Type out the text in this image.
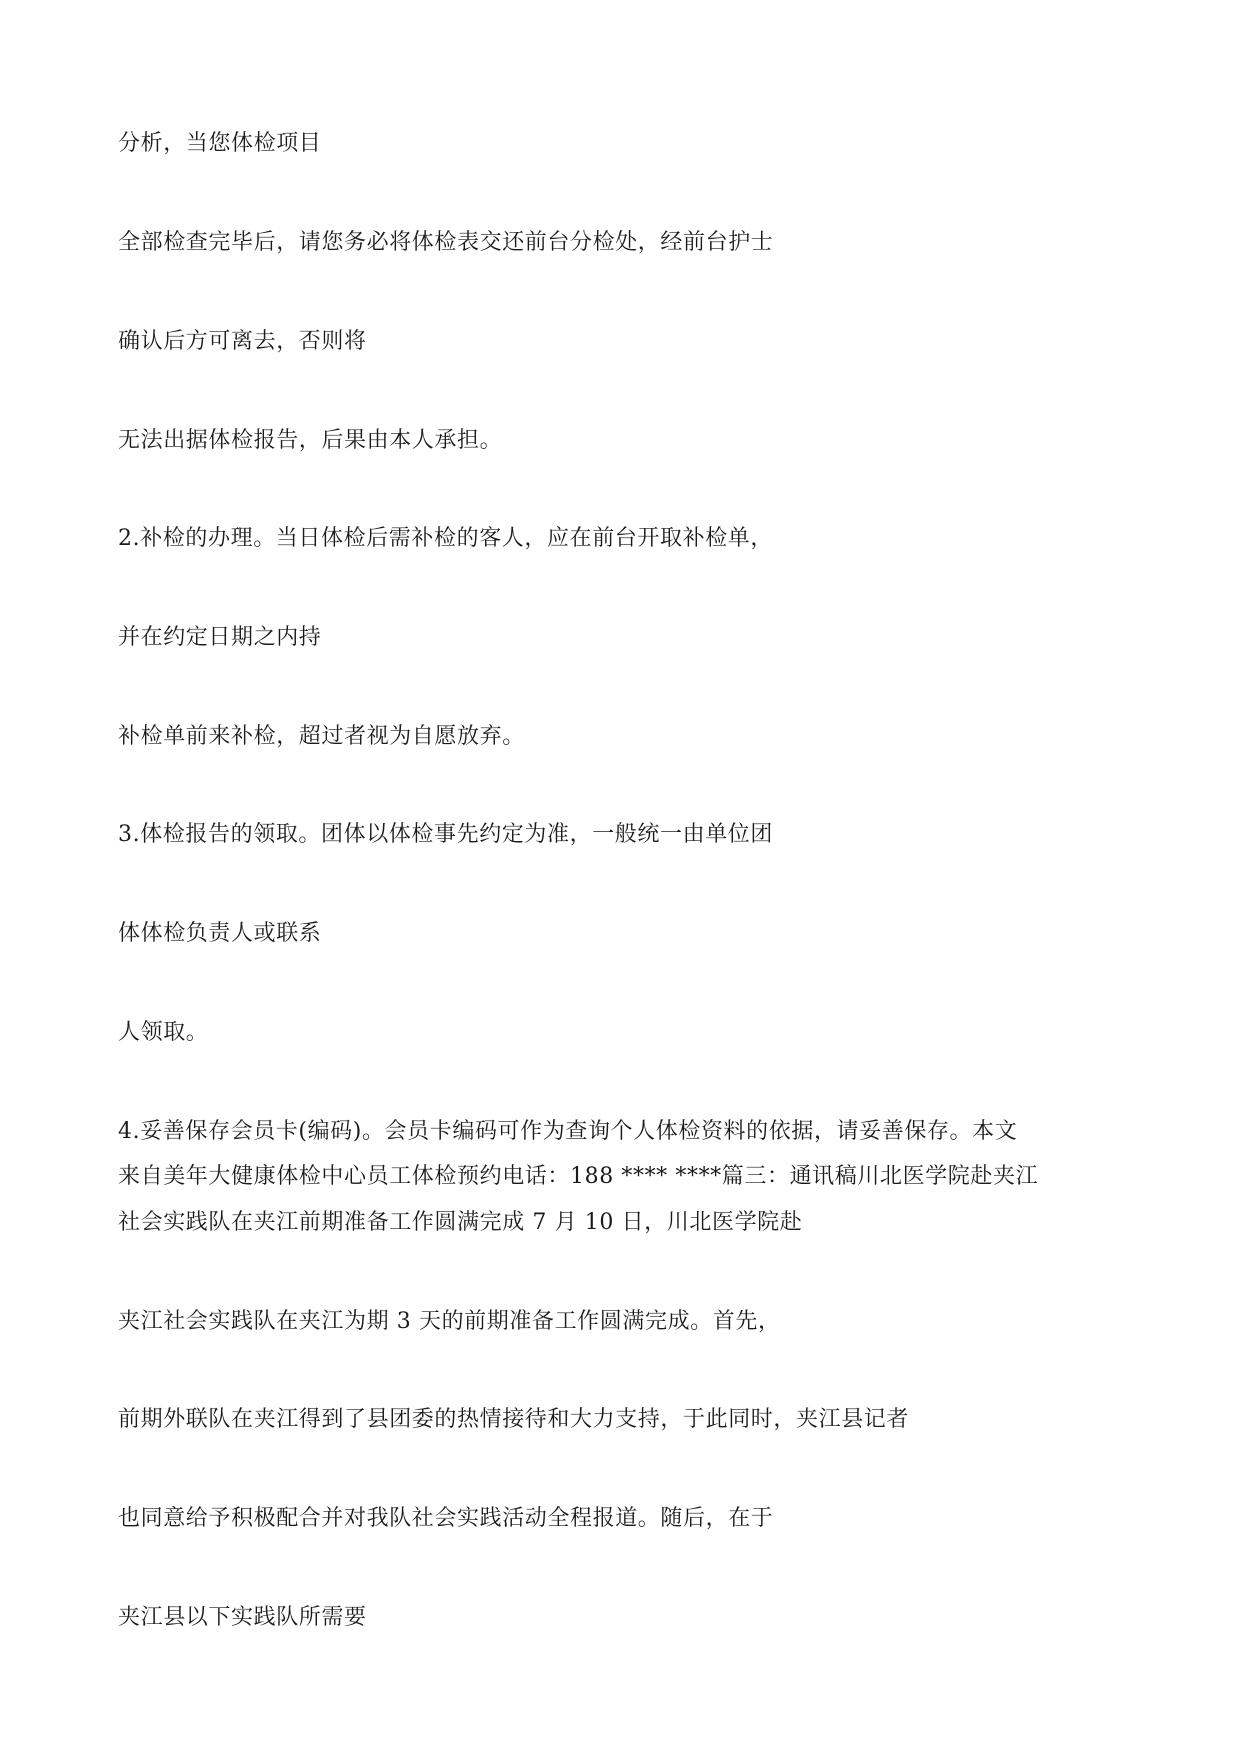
分析，当您体检项目
全部检查完毕后，请您务必将体检表交还前台分检处，经前台护士
确认后方可离去，否则将
无法出据体检报告，后果由本人承担。
2.补检的办理。当日体检后需补检的客人，应在前台开取补检单，
并在约定日期之内持
补检单前来补检，超过者视为自愿放弃。
3.体检报告的领取。团体以体检事先约定为准，一般统一由单位团
体体检负责人或联系
人领取。
4.妥善保存会员卡(编码)。会员卡编码可作为查询个人体检资料的依据，请妥善保存。本文
来自美年大健康体检中心员工体检预约电话：188 **** ****篇三：通讯稿川北医学院赴夹江
社会实践队在夹江前期准备工作圆满完成 7 月 10 日，川北医学院赴
夹江社会实践队在夹江为期 3 天的前期准备工作圆满完成。首先，
前期外联队在夹江得到了县团委的热情接待和大力支持，于此同时，夹江县记者
也同意给予积极配合并对我队社会实践活动全程报道。随后，在于
夹江县以下实践队所需要
